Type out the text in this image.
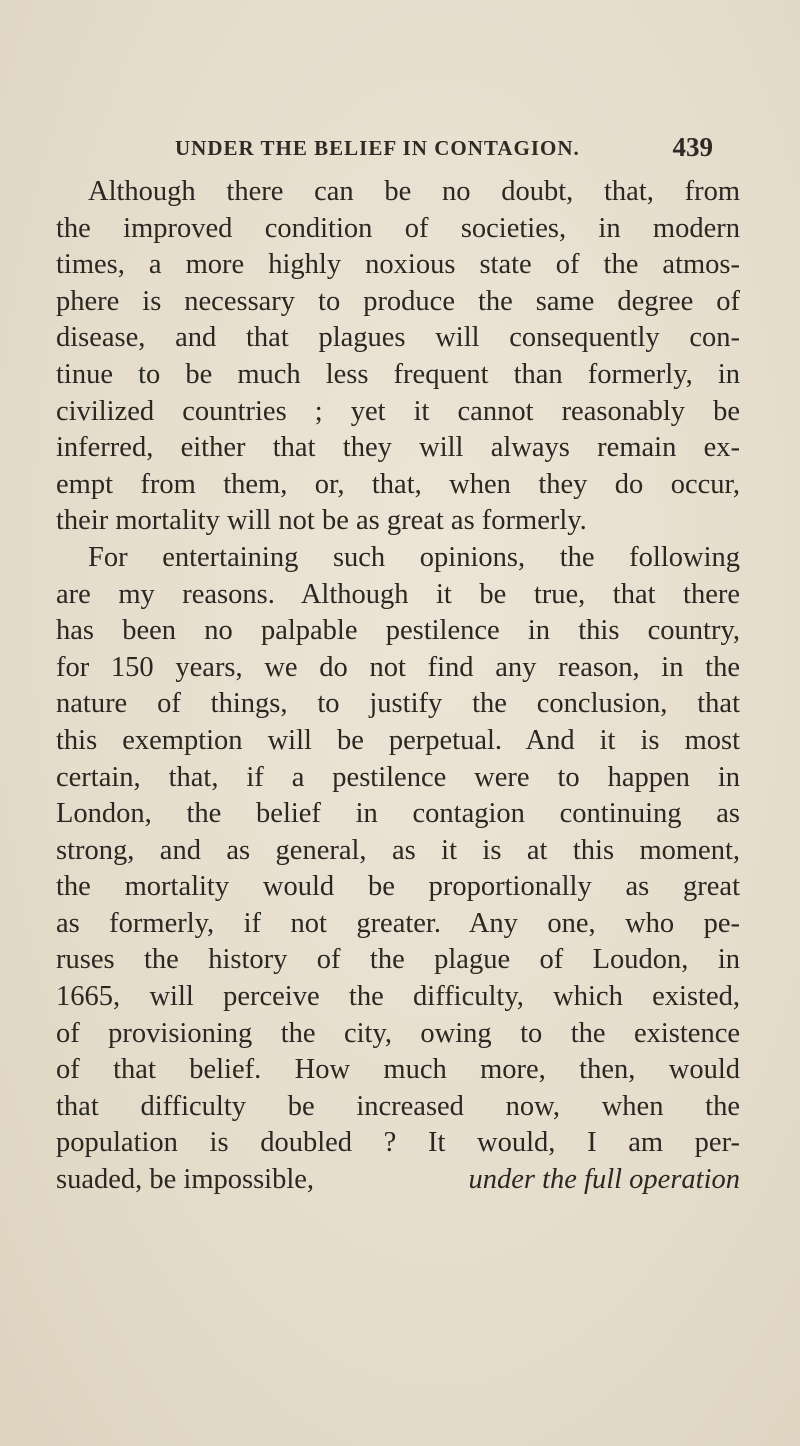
UNDER THE BELIEF IN CONTAGION.	439
Although there can be no doubt, that, from
the improved condition of societies, in modern
times, a more highly noxious state of the atmos-
phere is necessary to produce the same degree of
disease, and that plagues will consequently con-
tinue to be much less frequent than formerly, in
civilized countries ; yet it cannot reasonably be
inferred, either that they will always remain ex-
empt from them, or, that, when they do occur,
their mortality will not be as great as formerly.
For entertaining such opinions, the following
are my reasons. Although it be true, that there
has been no palpable pestilence in this country,
for 150 years, we do not find any reason, in the
nature of things, to justify the conclusion, that
this exemption will be perpetual. And it is most
certain, that, if a pestilence were to happen in
London, the belief in contagion continuing as
strong, and as general, as it is at this moment,
the mortality would be proportionally as great
as formerly, if not greater. Any one, who pe-
ruses the history of the plague of Loudon, in
1665, will perceive the difficulty, which existed,
of provisioning the city, owing to the existence
of that belief. How much more, then, would
that difficulty be increased now, when the
population is doubled ? It would, I am per-
suaded, be impossible,	under the full operation
